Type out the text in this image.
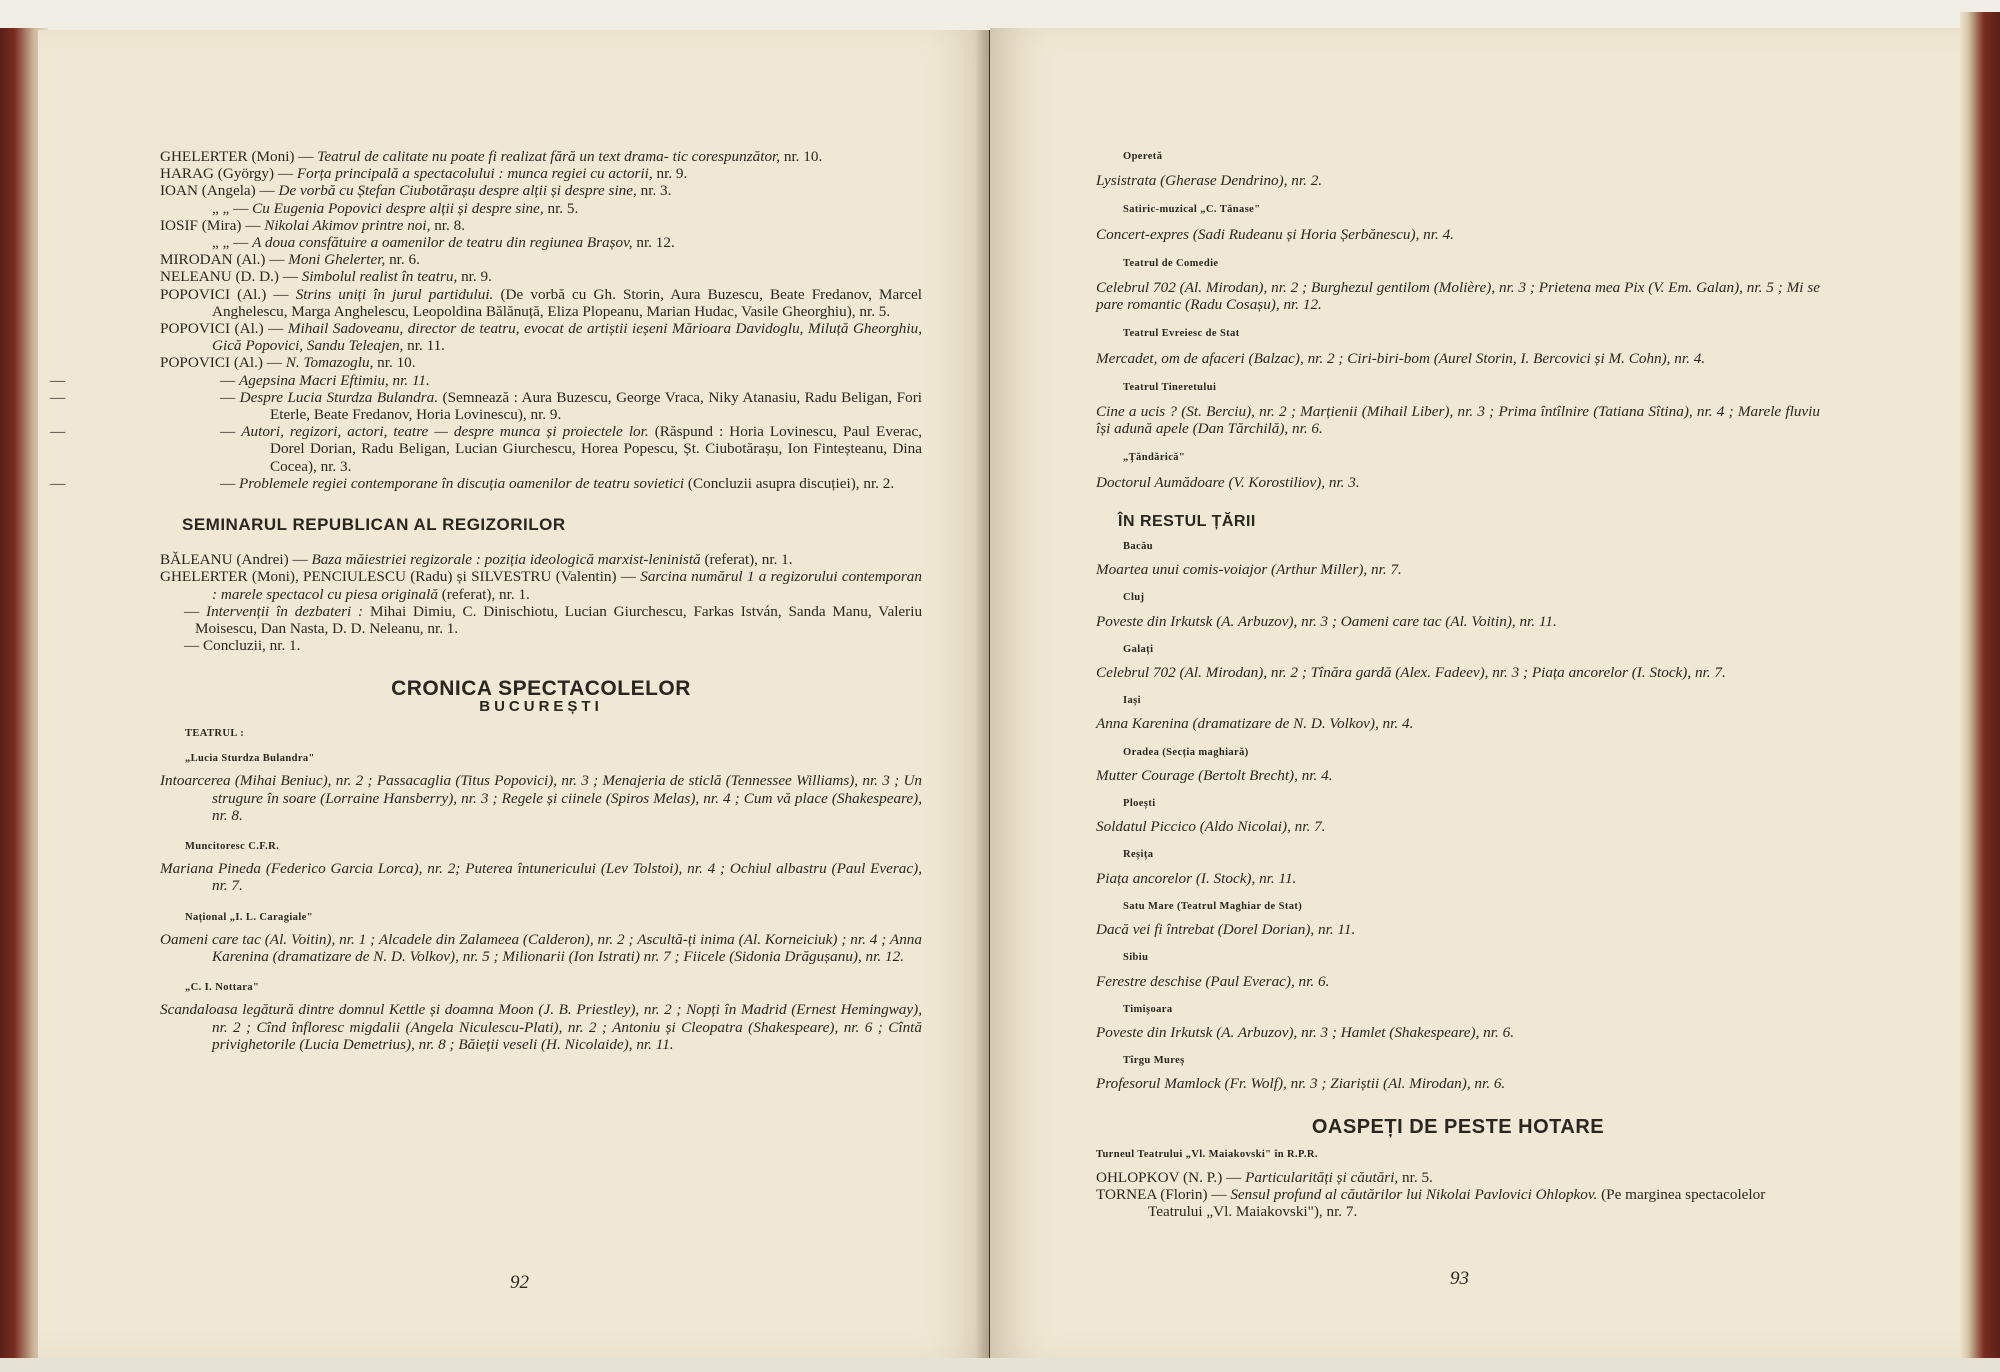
GHELERTER (Moni) — Teatrul de calitate nu poate fi realizat fără un text drama- tic corespunzător, nr. 10.
HARAG (György) — Forța principală a spectacolului : munca regiei cu actorii, nr. 9.
IOAN (Angela) — De vorbă cu Ștefan Ciubotărașu despre alții și despre sine, nr. 3.
„ „ — Cu Eugenia Popovici despre alții și despre sine, nr. 5.
IOSIF (Mira) — Nikolai Akimov printre noi, nr. 8.
„ „ — A doua consfătuire a oamenilor de teatru din regiunea Brașov, nr. 12.
MIRODAN (Al.) — Moni Ghelerter, nr. 6.
NELEANU (D. D.) — Simbolul realist în teatru, nr. 9.
POPOVICI (Al.) — Strins uniți în jurul partidului. (De vorbă cu Gh. Storin, Aura Buzescu, Beate Fredanov, Marcel Anghelescu, Marga Anghelescu, Leopoldina Bălănuță, Eliza Plopeanu, Marian Hudac, Vasile Gheorghiu), nr. 5.
POPOVICI (Al.) — Mihail Sadoveanu, director de teatru, evocat de artiștii ieșeni Mărioara Davidoglu, Miluță Gheorghiu, Gică Popovici, Sandu Teleajen, nr. 11.
POPOVICI (Al.) — N. Tomazoglu, nr. 10.
—	— Agepsina Macri Eftimiu, nr. 11.
—	— Despre Lucia Sturdza Bulandra. (Semnează : Aura Buzescu, George Vraca, Niky Atanasiu, Radu Beligan, Fori Eterle, Beate Fredanov, Horia Lovinescu), nr. 9.
—	— Autori, regizori, actori, teatre — despre munca și proiectele lor. (Răspund : Horia Lovinescu, Paul Everac, Dorel Dorian, Radu Beligan, Lucian Giurchescu, Horea Popescu, Șt. Ciubotărașu, Ion Finteșteanu, Dina Cocea), nr. 3.
—	— Problemele regiei contemporane în discuția oamenilor de teatru sovietici (Concluzii asupra discuției), nr. 2.
SEMINARUL REPUBLICAN AL REGIZORILOR
BĂLEANU (Andrei) — Baza măiestriei regizorale : poziția ideologică marxist-leninistă (referat), nr. 1.
GHELERTER (Moni), PENCIULESCU (Radu) și SILVESTRU (Valentin) — Sarcina numărul 1 a regizorului contemporan : marele spectacol cu piesa originală (referat), nr. 1.
— Intervenții în dezbateri : Mihai Dimiu, C. Dinischiotu, Lucian Giurchescu, Farkas István, Sanda Manu, Valeriu Moisescu, Dan Nasta, D. D. Neleanu, nr. 1.
— Concluzii, nr. 1.
CRONICA SPECTACOLELOR
BUCUREȘTI
TEATRUL :
„Lucia Sturdza Bulandra"
Intoarcerea (Mihai Beniuc), nr. 2 ; Passacaglia (Titus Popovici), nr. 3 ; Menajeria de sticlă (Tennessee Williams), nr. 3 ; Un strugure în soare (Lorraine Hansberry), nr. 3 ; Regele și ciinele (Spiros Melas), nr. 4 ; Cum vă place (Shakespeare), nr. 8.
Muncitoresc C.F.R.
Mariana Pineda (Federico Garcia Lorca), nr. 2; Puterea întunericului (Lev Tolstoi), nr. 4 ; Ochiul albastru (Paul Everac), nr. 7.
Național „I. L. Caragiale"
Oameni care tac (Al. Voitin), nr. 1 ; Alcadele din Zalameea (Calderon), nr. 2 ; Ascultă-ți inima (Al. Korneiciuk) ; nr. 4 ; Anna Karenina (dramatizare de N. D. Volkov), nr. 5 ; Milionarii (Ion Istrati) nr. 7 ; Fiicele (Sidonia Drăgușanu), nr. 12.
„C. I. Nottara"
Scandaloasa legătură dintre domnul Kettle și doamna Moon (J. B. Priestley), nr. 2 ; Nopți în Madrid (Ernest Hemingway), nr. 2 ; Cînd înfloresc migdalii (Angela Niculescu-Plati), nr. 2 ; Antoniu și Cleopatra (Shakespeare), nr. 6 ; Cîntă privighetorile (Lucia Demetrius), nr. 8 ; Băieții veseli (H. Nicolaide), nr. 11.
92
Operetă
Lysistrata (Gherase Dendrino), nr. 2.
Satiric-muzical „C. Tănase"
Concert-expres (Sadi Rudeanu și Horia Șerbănescu), nr. 4.
Teatrul de Comedie
Celebrul 702 (Al. Mirodan), nr. 2 ; Burghezul gentilom (Molière), nr. 3 ; Prietena mea Pix (V. Em. Galan), nr. 5 ; Mi se pare romantic (Radu Cosașu), nr. 12.
Teatrul Evreiesc de Stat
Mercadet, om de afaceri (Balzac), nr. 2 ; Ciri-biri-bom (Aurel Storin, I. Bercovici și M. Cohn), nr. 4.
Teatrul Tineretului
Cine a ucis ? (St. Berciu), nr. 2 ; Marțienii (Mihail Liber), nr. 3 ; Prima întîlnire (Tatiana Sîtina), nr. 4 ; Marele fluviu își adună apele (Dan Tărchilă), nr. 6.
„Țăndărică"
Doctorul Aumădoare (V. Korostiliov), nr. 3.
ÎN RESTUL ȚĂRII
Bacău
Moartea unui comis-voiajor (Arthur Miller), nr. 7.
Cluj
Poveste din Irkutsk (A. Arbuzov), nr. 3 ; Oameni care tac (Al. Voitin), nr. 11.
Galați
Celebrul 702 (Al. Mirodan), nr. 2 ; Tînăra gardă (Alex. Fadeev), nr. 3 ; Piața ancorelor (I. Stock), nr. 7.
Iași
Anna Karenina (dramatizare de N. D. Volkov), nr. 4.
Oradea (Secția maghiară)
Mutter Courage (Bertolt Brecht), nr. 4.
Ploești
Soldatul Piccico (Aldo Nicolai), nr. 7.
Reșița
Piața ancorelor (I. Stock), nr. 11.
Satu Mare (Teatrul Maghiar de Stat)
Dacă vei fi întrebat (Dorel Dorian), nr. 11.
Sibiu
Ferestre deschise (Paul Everac), nr. 6.
Timișoara
Poveste din Irkutsk (A. Arbuzov), nr. 3 ; Hamlet (Shakespeare), nr. 6.
Tîrgu Mureș
Profesorul Mamlock (Fr. Wolf), nr. 3 ; Ziariștii (Al. Mirodan), nr. 6.
OASPEȚI DE PESTE HOTARE
Turneul Teatrului „Vl. Maiakovski" în R.P.R.
OHLOPKOV (N. P.) — Particularități și căutări, nr. 5.
TORNEA (Florin) — Sensul profund al căutărilor lui Nikolai Pavlovici Ohlopkov. (Pe marginea spectacolelor Teatrului „Vl. Maiakovski"), nr. 7.
93
